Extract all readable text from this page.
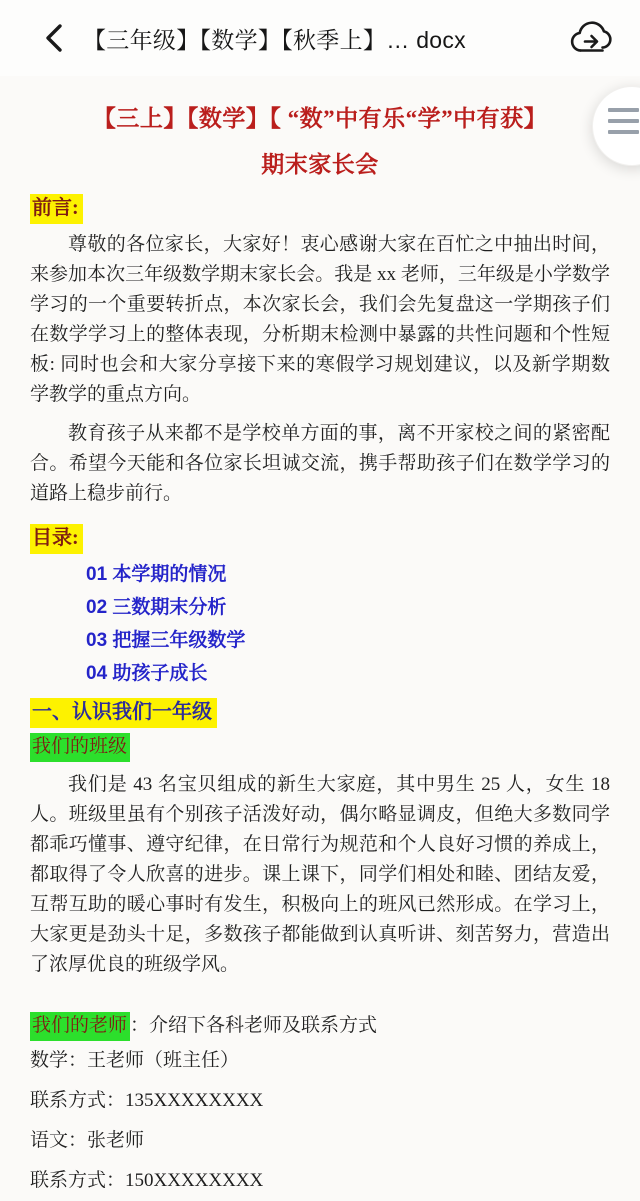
【三年级】【数学】【秋季上】… docx
【三上】【数学】【 “数”中有乐“学”中有获】
期末家长会
前言:
尊敬的各位家长，大家好！衷心感谢大家在百忙之中抽出时间，来参加本次三年级数学期末家长会。我是 xx 老师，三年级是小学数学学习的一个重要转折点，本次家长会，我们会先复盘这一学期孩子们在数学学习上的整体表现，分析期末检测中暴露的共性问题和个性短板: 同时也会和大家分享接下来的寒假学习规划建议，以及新学期数学教学的重点方向。
教育孩子从来都不是学校单方面的事，离不开家校之间的紧密配合。希望今天能和各位家长坦诚交流，携手帮助孩子们在数学学习的道路上稳步前行。
目录:
01 本学期的情况
02 三数期末分析
03 把握三年级数学
04 助孩子成长
一、认识我们一年级
我们的班级
我们是 43 名宝贝组成的新生大家庭，其中男生 25 人，女生 18 人。班级里虽有个别孩子活泼好动，偶尔略显调皮，但绝大多数同学都乖巧懂事、遵守纪律，在日常行为规范和个人良好习惯的养成上，都取得了令人欣喜的进步。课上课下，同学们相处和睦、团结友爱，互帮互助的暖心事时有发生，积极向上的班风已然形成。在学习上，大家更是劲头十足，多数孩子都能做到认真听讲、刻苦努力，营造出了浓厚优良的班级学风。
我们的老师 ：介绍下各科老师及联系方式
数学：王老师（班主任）
联系方式：135XXXXXXXX
语文：张老师
联系方式：150XXXXXXXX
